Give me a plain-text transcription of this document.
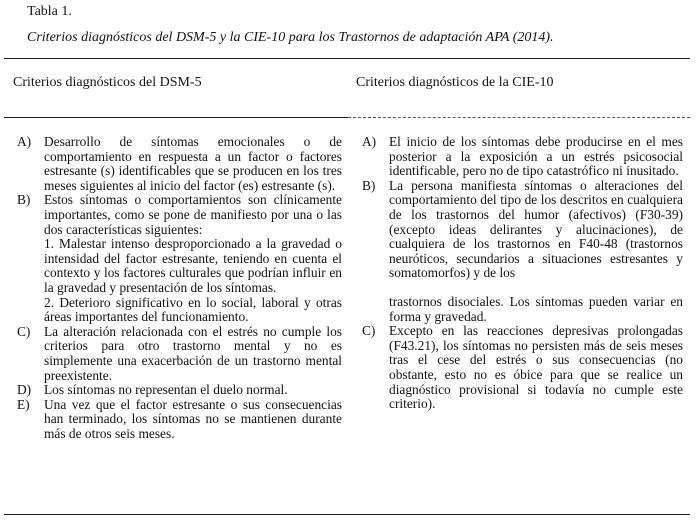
Tabla 1.
Criterios diagnósticos del DSM-5 y la CIE-10 para los Trastornos de adaptación APA (2014).
Criterios diagnósticos del DSM-5	Criterios diagnósticos de la CIE-10
A) Desarrollo de síntomas emocionales o de comportamiento en respuesta a un factor o factores estresante (s) identificables que se producen en los tres meses siguientes al inicio del factor (es) estresante (s).
B) Estos síntomas o comportamientos son clínicamente importantes, como se pone de manifiesto por una o las dos características siguientes:
1. Malestar intenso desproporcionado a la gravedad o intensidad del factor estresante, teniendo en cuenta el contexto y los factores culturales que podrían influir en la gravedad y presentación de los síntomas.
2. Deterioro significativo en lo social, laboral y otras áreas importantes del funcionamiento.
C) La alteración relacionada con el estrés no cumple los criterios para otro trastorno mental y no es simplemente una exacerbación de un trastorno mental preexistente.
D) Los síntomas no representan el duelo normal.
E) Una vez que el factor estresante o sus consecuencias han terminado, los síntomas no se mantienen durante más de otros seis meses.
A) El inicio de los síntomas debe producirse en el mes posterior a la exposición a un estrés psicosocial identificable, pero no de tipo catastrófico ni inusitado.
B) La persona manifiesta síntomas o alteraciones del comportamiento del tipo de los descritos en cualquiera de los trastornos del humor (afectivos) (F30-39) (excepto ideas delirantes y alucinaciones), de cualquiera de los trastornos en F40-48 (trastornos neuróticos, secundarios a situaciones estresantes y somatomorfos) y de los
trastornos disociales. Los síntomas pueden variar en forma y gravedad.
C) Excepto en las reacciones depresivas prolongadas (F43.21), los síntomas no persisten más de seis meses tras el cese del estrés o sus consecuencias (no obstante, esto no es óbice para que se realice un diagnóstico provisional si todavía no cumple este criterio).
